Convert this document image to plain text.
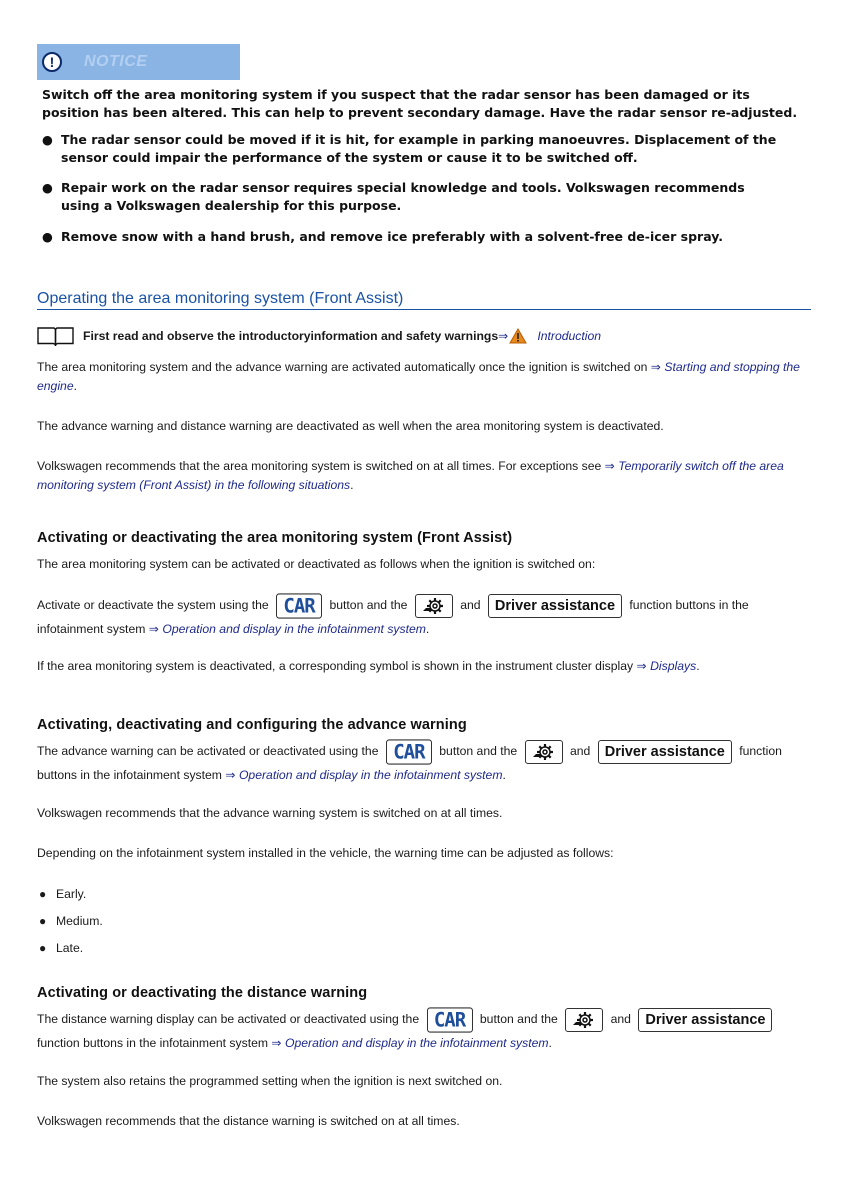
!	NOTICE
Switch off the area monitoring system if you suspect that the radar sensor has been damaged or its position has been altered. This can help to prevent secondary damage. Have the radar sensor re-adjusted.
● The radar sensor could be moved if it is hit, for example in parking manoeuvres. Displacement of the sensor could impair the performance of the system or cause it to be switched off.
● Repair work on the radar sensor requires special knowledge and tools. Volkswagen recommends using a Volkswagen dealership for this purpose.
● Remove snow with a hand brush, and remove ice preferably with a solvent-free de-icer spray.
Operating the area monitoring system (Front Assist)
First read and observe the introductoryinformation and safety warnings ⇒ Introduction
The area monitoring system and the advance warning are activated automatically once the ignition is switched on ⇒ Starting and stopping the engine.
The advance warning and distance warning are deactivated as well when the area monitoring system is deactivated.
Volkswagen recommends that the area monitoring system is switched on at all times. For exceptions see ⇒ Temporarily switch off the area monitoring system (Front Assist) in the following situations.
Activating or deactivating the area monitoring system (Front Assist)
The area monitoring system can be activated or deactivated as follows when the ignition is switched on:
Activate or deactivate the system using the CAR button and the	and Driver assistance function buttons in the infotainment system ⇒ Operation and display in the infotainment system.
If the area monitoring system is deactivated, a corresponding symbol is shown in the instrument cluster display ⇒ Displays.
Activating, deactivating and configuring the advance warning
The advance warning can be activated or deactivated using the CAR button and the	and Driver assistance function buttons in the infotainment system ⇒ Operation and display in the infotainment system.
Volkswagen recommends that the advance warning system is switched on at all times.
Depending on the infotainment system installed in the vehicle, the warning time can be adjusted as follows:
● Early.
● Medium.
● Late.
Activating or deactivating the distance warning
The distance warning display can be activated or deactivated using the CAR button and the	and Driver assistance function buttons in the infotainment system ⇒ Operation and display in the infotainment system.
The system also retains the programmed setting when the ignition is next switched on.
Volkswagen recommends that the distance warning is switched on at all times.
